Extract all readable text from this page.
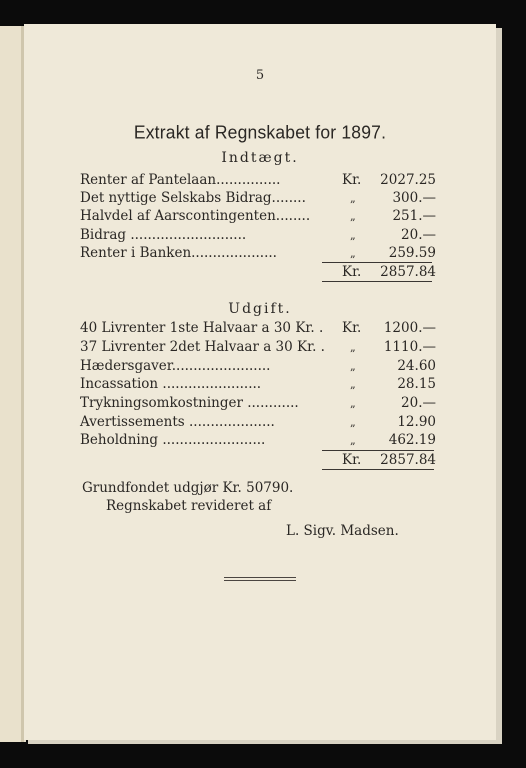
5
Extrakt af Regnskabet for 1897.
Indtægt.
Renter af Pantelaan...............	Kr. 2027.25
Det nyttige Selskabs Bidrag........	„	300.—
Halvdel af Aarscontingenten........	„	251.—
Bidrag ...........................	„	20.—
Renter i Banken....................	„ 259.59
Kr. 2857.84
Udgift.
40 Livrenter 1ste Halvaar a 30 Kr. . Kr. 1200.—
37 Livrenter 2det Halvaar a 30 Kr. . „ 1110.—
Hædersgaver.......................	„	24.60
Incassation .......................	„	28.15
Trykningsomkostninger ............	„	20.—
Avertissements ....................	„	12.90
Beholdning ........................	„ 462.19
Kr. 2857.84
Grundfondet udgjør Kr. 50790.
Regnskabet revideret af
L. Sigv. Madsen.
